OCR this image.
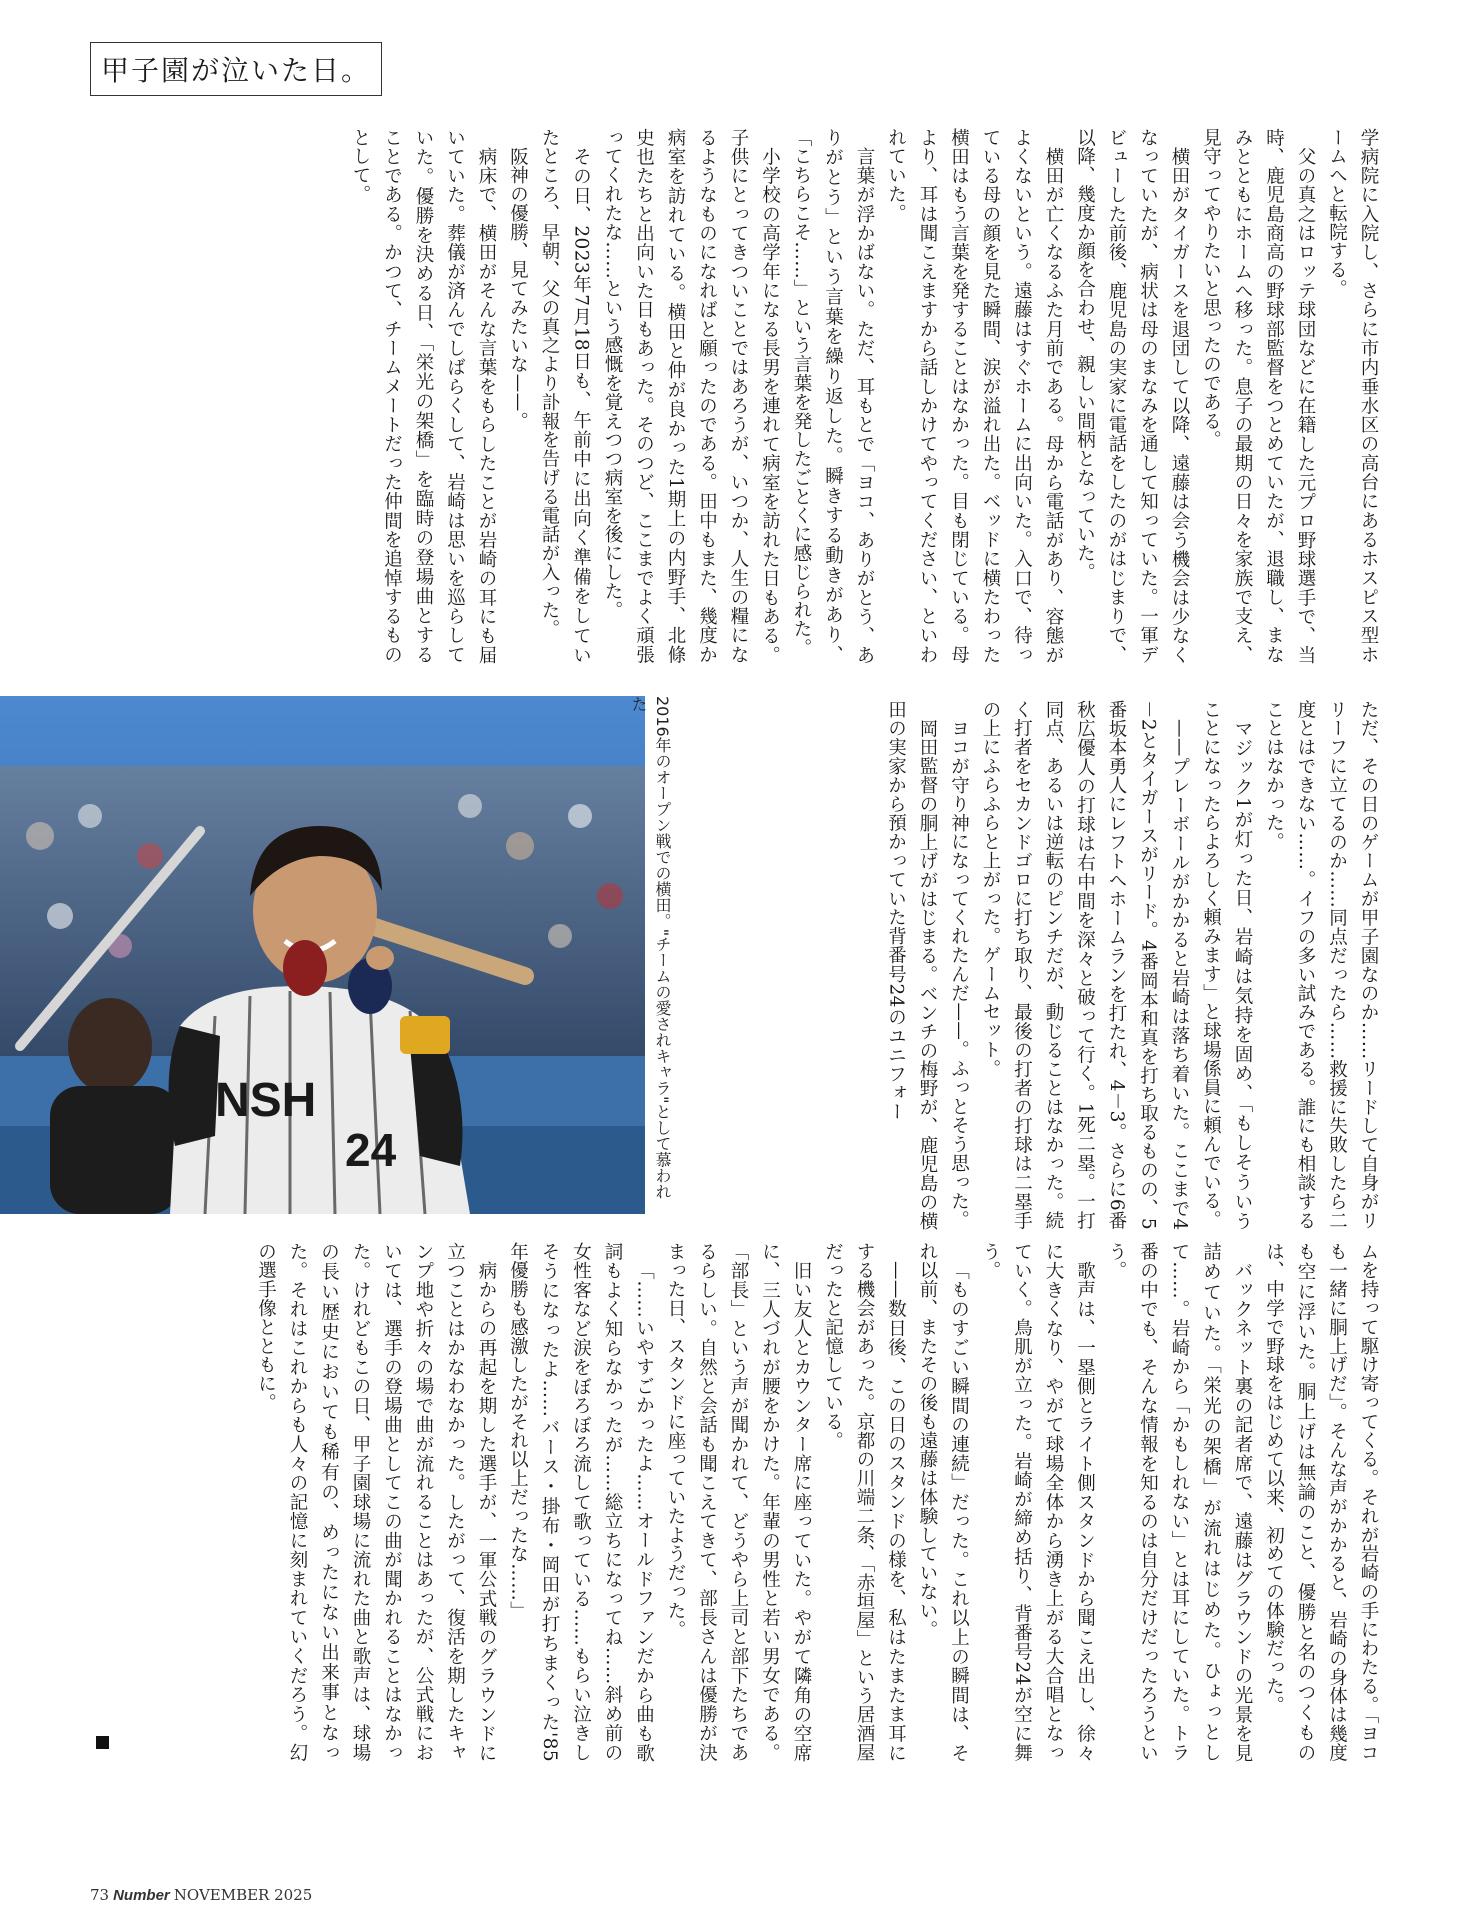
甲子園が泣いた日。

学病院に入院し、さらに市内垂水区の高台にあるホスピス型ホームへと転院する。

父の真之はロッテ球団などに在籍した元プロ野球選手で、当時、鹿児島商高の野球部監督をつとめていたが、退職し、まなみとともにホームへ移った。息子の最期の日々を家族で支え、見守ってやりたいと思ったのである。

横田がタイガースを退団して以降、遠藤は会う機会は少なくなっていたが、病状は母のまなみを通して知っていた。一軍デビューした前後、鹿児島の実家に電話をしたのがはじまりで、以降、幾度か顔を合わせ、親しい間柄となっていた。

横田が亡くなるふた月前である。母から電話があり、容態がよくないという。遠藤はすぐホームに出向いた。入口で、待っている母の顔を見た瞬間、涙が溢れ出た。ベッドに横たわった横田はもう言葉を発することはなかった。目も閉じている。母より、耳は聞こえますから話しかけてやってください、といわれていた。

言葉が浮かばない。ただ、耳もとで「ヨコ、ありがとう、ありがとう」という言葉を繰り返した。瞬きする動きがあり、「こちらこそ……」という言葉を発したごとくに感じられた。

小学校の高学年になる長男を連れて病室を訪れた日もある。子供にとってきついことではあろうが、いつか、人生の糧になるようなものになればと願ったのである。田中もまた、幾度か病室を訪れている。横田と仲が良かった1期上の内野手、北條史也たちと出向いた日もあった。そのつど、ここまでよく頑張ってくれたな……という感慨を覚えつつ病室を後にした。

その日、2023年7月18日も、午前中に出向く準備をしていたところ、早朝、父の真之より訃報を告げる電話が入った。

阪神の優勝、見てみたいな——。

病床で、横田がそんな言葉をもらしたことが岩崎の耳にも届いていた。葬儀が済んでしばらくして、岩崎は思いを巡らしていた。優勝を決める日、「栄光の架橋」を臨時の登場曲とすることである。かつて、チームメートだった仲間を追悼するものとして。

ただ、その日のゲームが甲子園なのか……リードして自身がリリーフに立てるのか……同点だったら……救援に失敗したら二度とはできない……。イフの多い試みである。誰にも相談することはなかった。

マジック1が灯った日、岩崎は気持を固め、「もしそういうことになったらよろしく頼みます」と球場係員に頼んでいる。

——プレーボールがかかると岩崎は落ち着いた。ここまで4－2とタイガースがリード。4番岡本和真を打ち取るものの、5番坂本勇人にレフトへホームランを打たれ、4－3。さらに6番秋広優人の打球は右中間を深々と破って行く。1死二塁。一打同点、あるいは逆転のピンチだが、動じることはなかった。続く打者をセカンドゴロに打ち取り、最後の打者の打球は二塁手の上にふらふらと上がった。ゲームセット。

ヨコが守り神になってくれたんだ——。ふっとそう思った。

岡田監督の胴上げがはじまる。ベンチの梅野が、鹿児島の横田の実家から預かっていた背番号24のユニフォー

NSH
24	2016年のオープン戦での横田。"チームの愛されキャラ"として慕われた

ムを持って駆け寄ってくる。それが岩崎の手にわたる。「ヨコも一緒に胴上げだ」。そんな声がかかると、岩崎の身体は幾度も空に浮いた。胴上げは無論のこと、優勝と名のつくものは、中学で野球をはじめて以来、初めての体験だった。

バックネット裏の記者席で、遠藤はグラウンドの光景を見詰めていた。「栄光の架橋」が流れはじめた。ひょっとして……。岩崎から「かもしれない」とは耳にしていた。トラ番の中でも、そんな情報を知るのは自分だけだったろうという。

歌声は、一塁側とライト側スタンドから聞こえ出し、徐々に大きくなり、やがて球場全体から湧き上がる大合唱となっていく。鳥肌が立った。岩崎が締め括り、背番号24が空に舞う。

「ものすごい瞬間の連続」だった。これ以上の瞬間は、それ以前、またその後も遠藤は体験していない。

——数日後、この日のスタンドの様を、私はたまたま耳にする機会があった。京都の川端二条、「赤垣屋」という居酒屋だったと記憶している。

旧い友人とカウンター席に座っていた。やがて隣角の空席に、三人づれが腰をかけた。年輩の男性と若い男女である。「部長」という声が聞かれて、どうやら上司と部下たちであるらしい。自然と会話も聞こえてきて、部長さんは優勝が決まった日、スタンドに座っていたようだった。

「……いやすごかったよ……オールドファンだから曲も歌詞もよく知らなかったが……総立ちになってね……斜め前の女性客など涙をぼろぼろ流して歌っている……もらい泣きしそうになったよ……バース・掛布・岡田が打ちまくった'85年優勝も感激したがそれ以上だったな……」

病からの再起を期した選手が、一軍公式戦のグラウンドに立つことはかなわなかった。したがって、復活を期したキャンプ地や折々の場で曲が流れることはあったが、公式戦においては、選手の登場曲としてこの曲が聞かれることはなかった。けれどもこの日、甲子園球場に流れた曲と歌声は、球場の長い歴史においても稀有の、めったにない出来事となった。それはこれからも人々の記憶に刻まれていくだろう。幻の選手像とともに。

73 Number NOVEMBER 2025
